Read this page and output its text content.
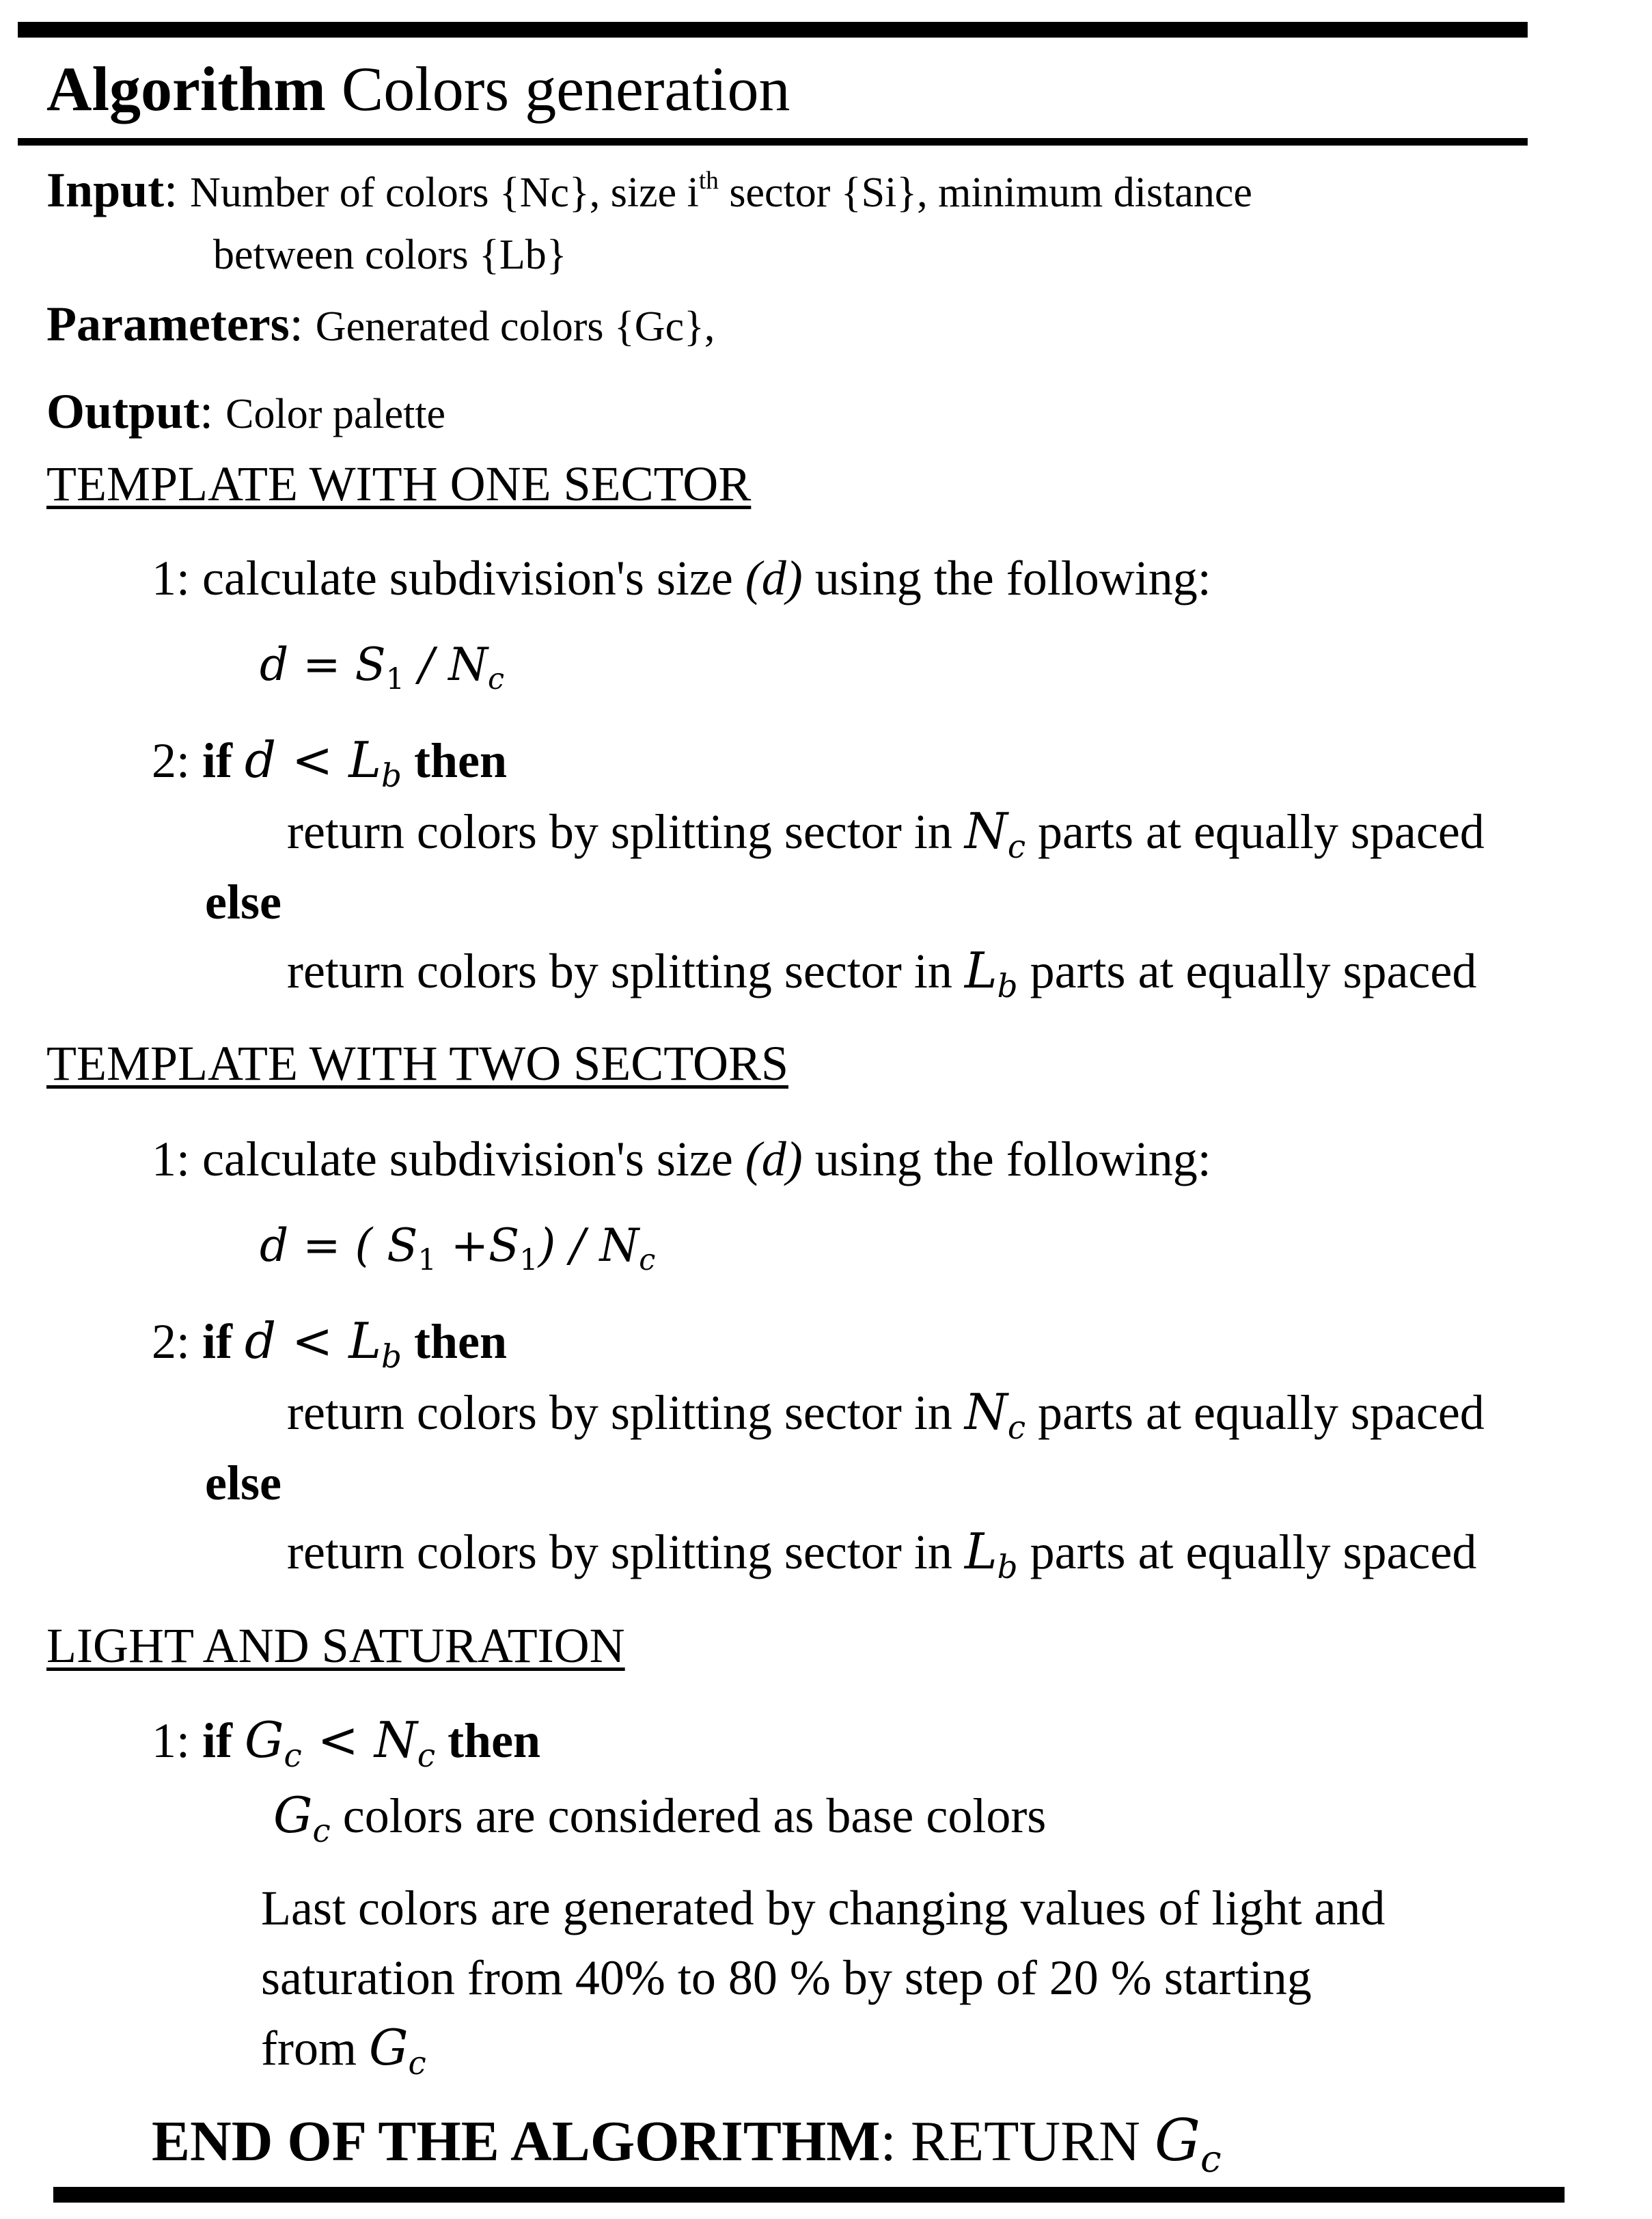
Algorithm Colors generation
Input: Number of colors {Nc}, size $i^{th}$ sector {Si}, minimum distance
between colors {Lb}
Parameters: Generated colors {Gc},
Output: Color palette
TEMPLATE WITH ONE SECTOR
1: calculate subdivision's size (d) using the following:
$d = S_1 / N_c$
2: if $d < L_b$ then
return colors by splitting sector in $N_c$ parts at equally spaced
else
return colors by splitting sector in $L_b$ parts at equally spaced
TEMPLATE WITH TWO SECTORS
1: calculate subdivision's size (d) using the following:
d = ( $S_1 +S_1) / N_c$
2: if $d < L_b$ then
return colors by splitting sector in $N_c$ parts at equally spaced
else
return colors by splitting sector in $L_b$ parts at equally spaced
LIGHT AND SATURATION
1: if $G_c < N_c$ then
$G_c$ colors are considered as base colors
Last colors are generated by changing values of light and
saturation from 40% to 80 % by step of 20 % starting
from $G_c$
END OF THE ALGORITHM: RETURN $G_c$
